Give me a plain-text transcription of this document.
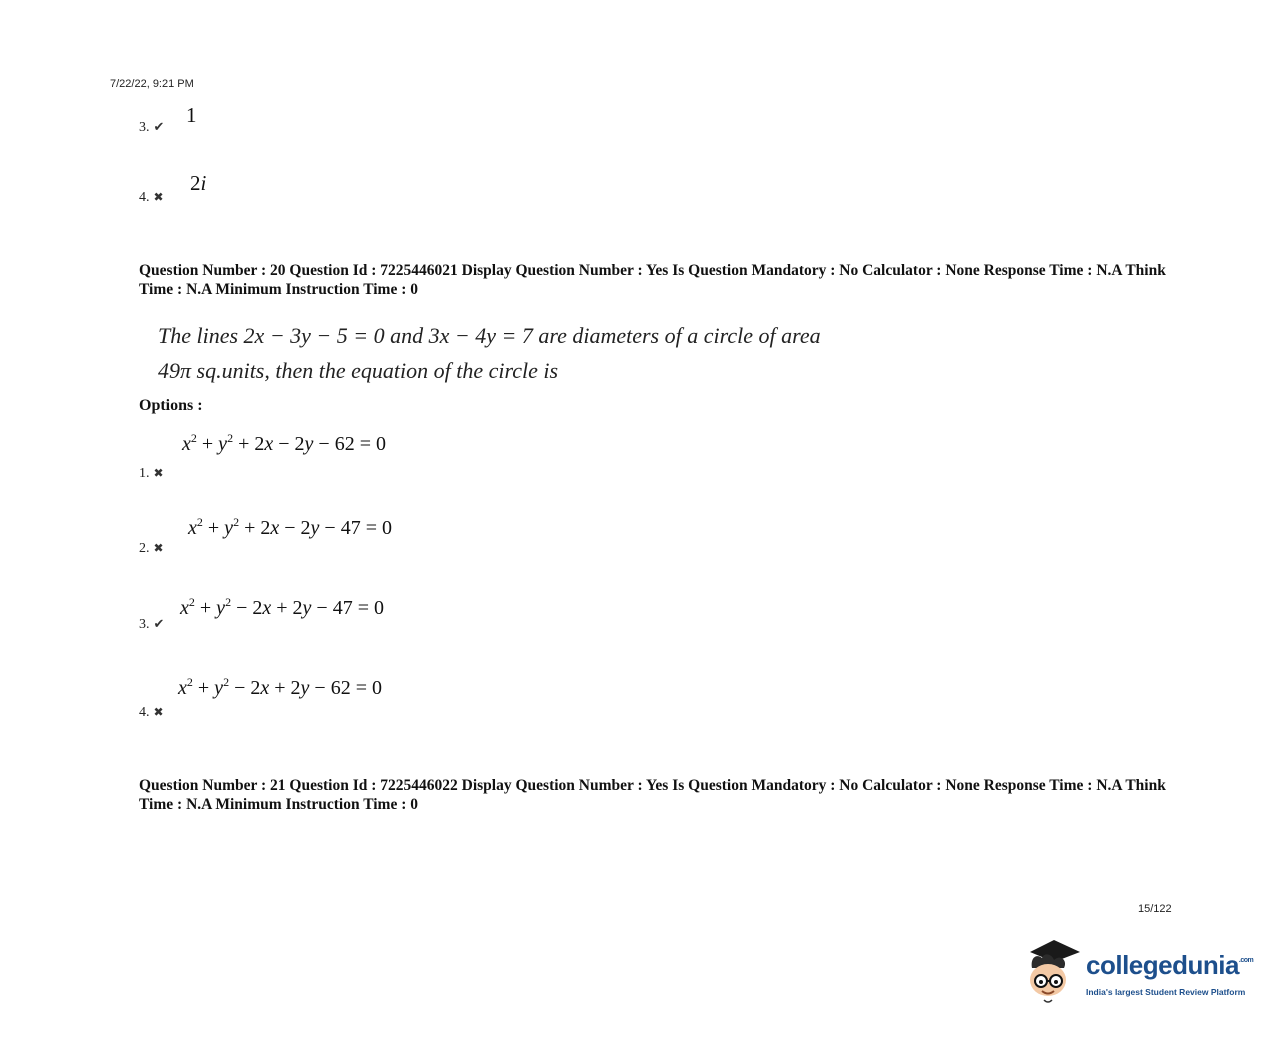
7/22/22, 9:21 PM
3. ✔ 1
4. ✖
2i
Question Number : 20 Question Id : 7225446021 Display Question Number : Yes Is Question Mandatory : No Calculator : None Response Time : N.A Think Time : N.A Minimum Instruction Time : 0
The lines 2x − 3y − 5 = 0 and 3x − 4y = 7 are diameters of a circle of area
49π sq.units, then the equation of the circle is
Options :
1. ✖
$x^2 + y^2 + 2x - 2y - 62 = 0$
2. ✖
$x^2 + y^2 + 2x - 2y - 47 = 0$
3. ✔
$x^2 + y^2 - 2x + 2y - 47 = 0$
4. ✖
$x^2 + y^2 - 2x + 2y - 62 = 0$
Question Number : 21 Question Id : 7225446022 Display Question Number : Yes Is Question Mandatory : No Calculator : None Response Time : N.A Think Time : N.A Minimum Instruction Time : 0
15/122
collegedunia$^{.com}$
India's largest Student Review Platform
